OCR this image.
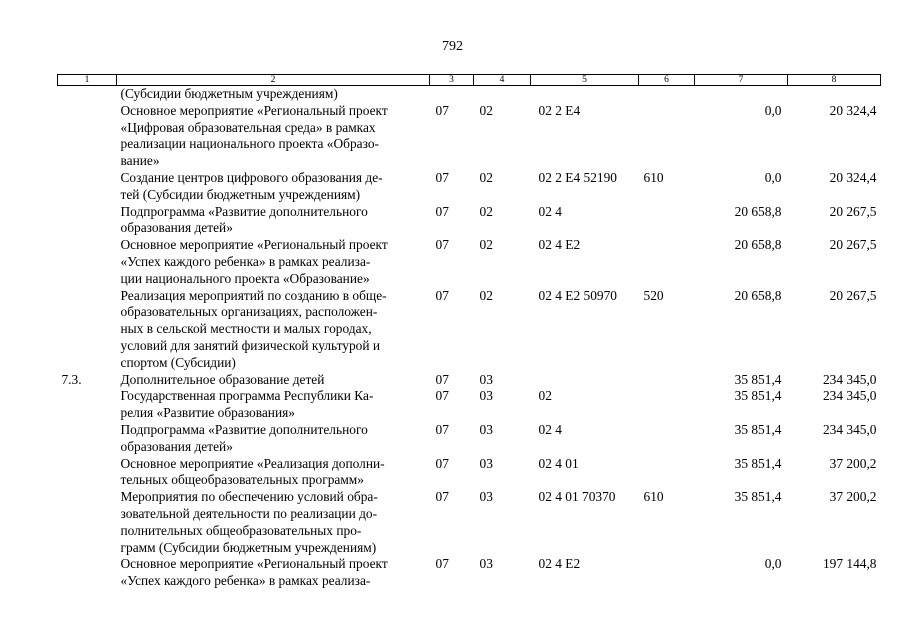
792
1	2	3	4	5	6	7	8
	(Субсидии бюджетным учреждениям)						
	Основное мероприятие «Региональный проект
«Цифровая образовательная среда» в рамках
реализации национального проекта «Образо-
вание»	07	02	02 2 Е4		0,0	20 324,4
	Создание центров цифрового образования де-
тей (Субсидии бюджетным учреждениям)	07	02	02 2 Е4 52190	610	0,0	20 324,4
	Подпрограмма «Развитие дополнительного
образования детей»	07	02	02 4		20 658,8	20 267,5
	Основное мероприятие «Региональный проект
«Успех каждого ребенка» в рамках реализа-
ции национального проекта «Образование»	07	02	02 4 Е2		20 658,8	20 267,5
	Реализация мероприятий по созданию в обще-
образовательных организациях, расположен-
ных в сельской местности и малых городах,
условий для занятий физической культурой и
спортом (Субсидии)	07	02	02 4 Е2 50970	520	20 658,8	20 267,5
7.3.	Дополнительное образование детей	07	03			35 851,4	234 345,0
	Государственная программа Республики Ка-
релия «Развитие образования»	07	03	02		35 851,4	234 345,0
	Подпрограмма «Развитие дополнительного
образования детей»	07	03	02 4		35 851,4	234 345,0
	Основное мероприятие «Реализация дополни-
тельных общеобразовательных программ»	07	03	02 4 01		35 851,4	37 200,2
	Мероприятия по обеспечению условий обра-
зовательной деятельности по реализации до-
полнительных общеобразовательных про-
грамм (Субсидии бюджетным учреждениям)	07	03	02 4 01 70370	610	35 851,4	37 200,2
	Основное мероприятие «Региональный проект
«Успех каждого ребенка» в рамках реализа-	07	03	02 4 Е2		0,0	197 144,8
